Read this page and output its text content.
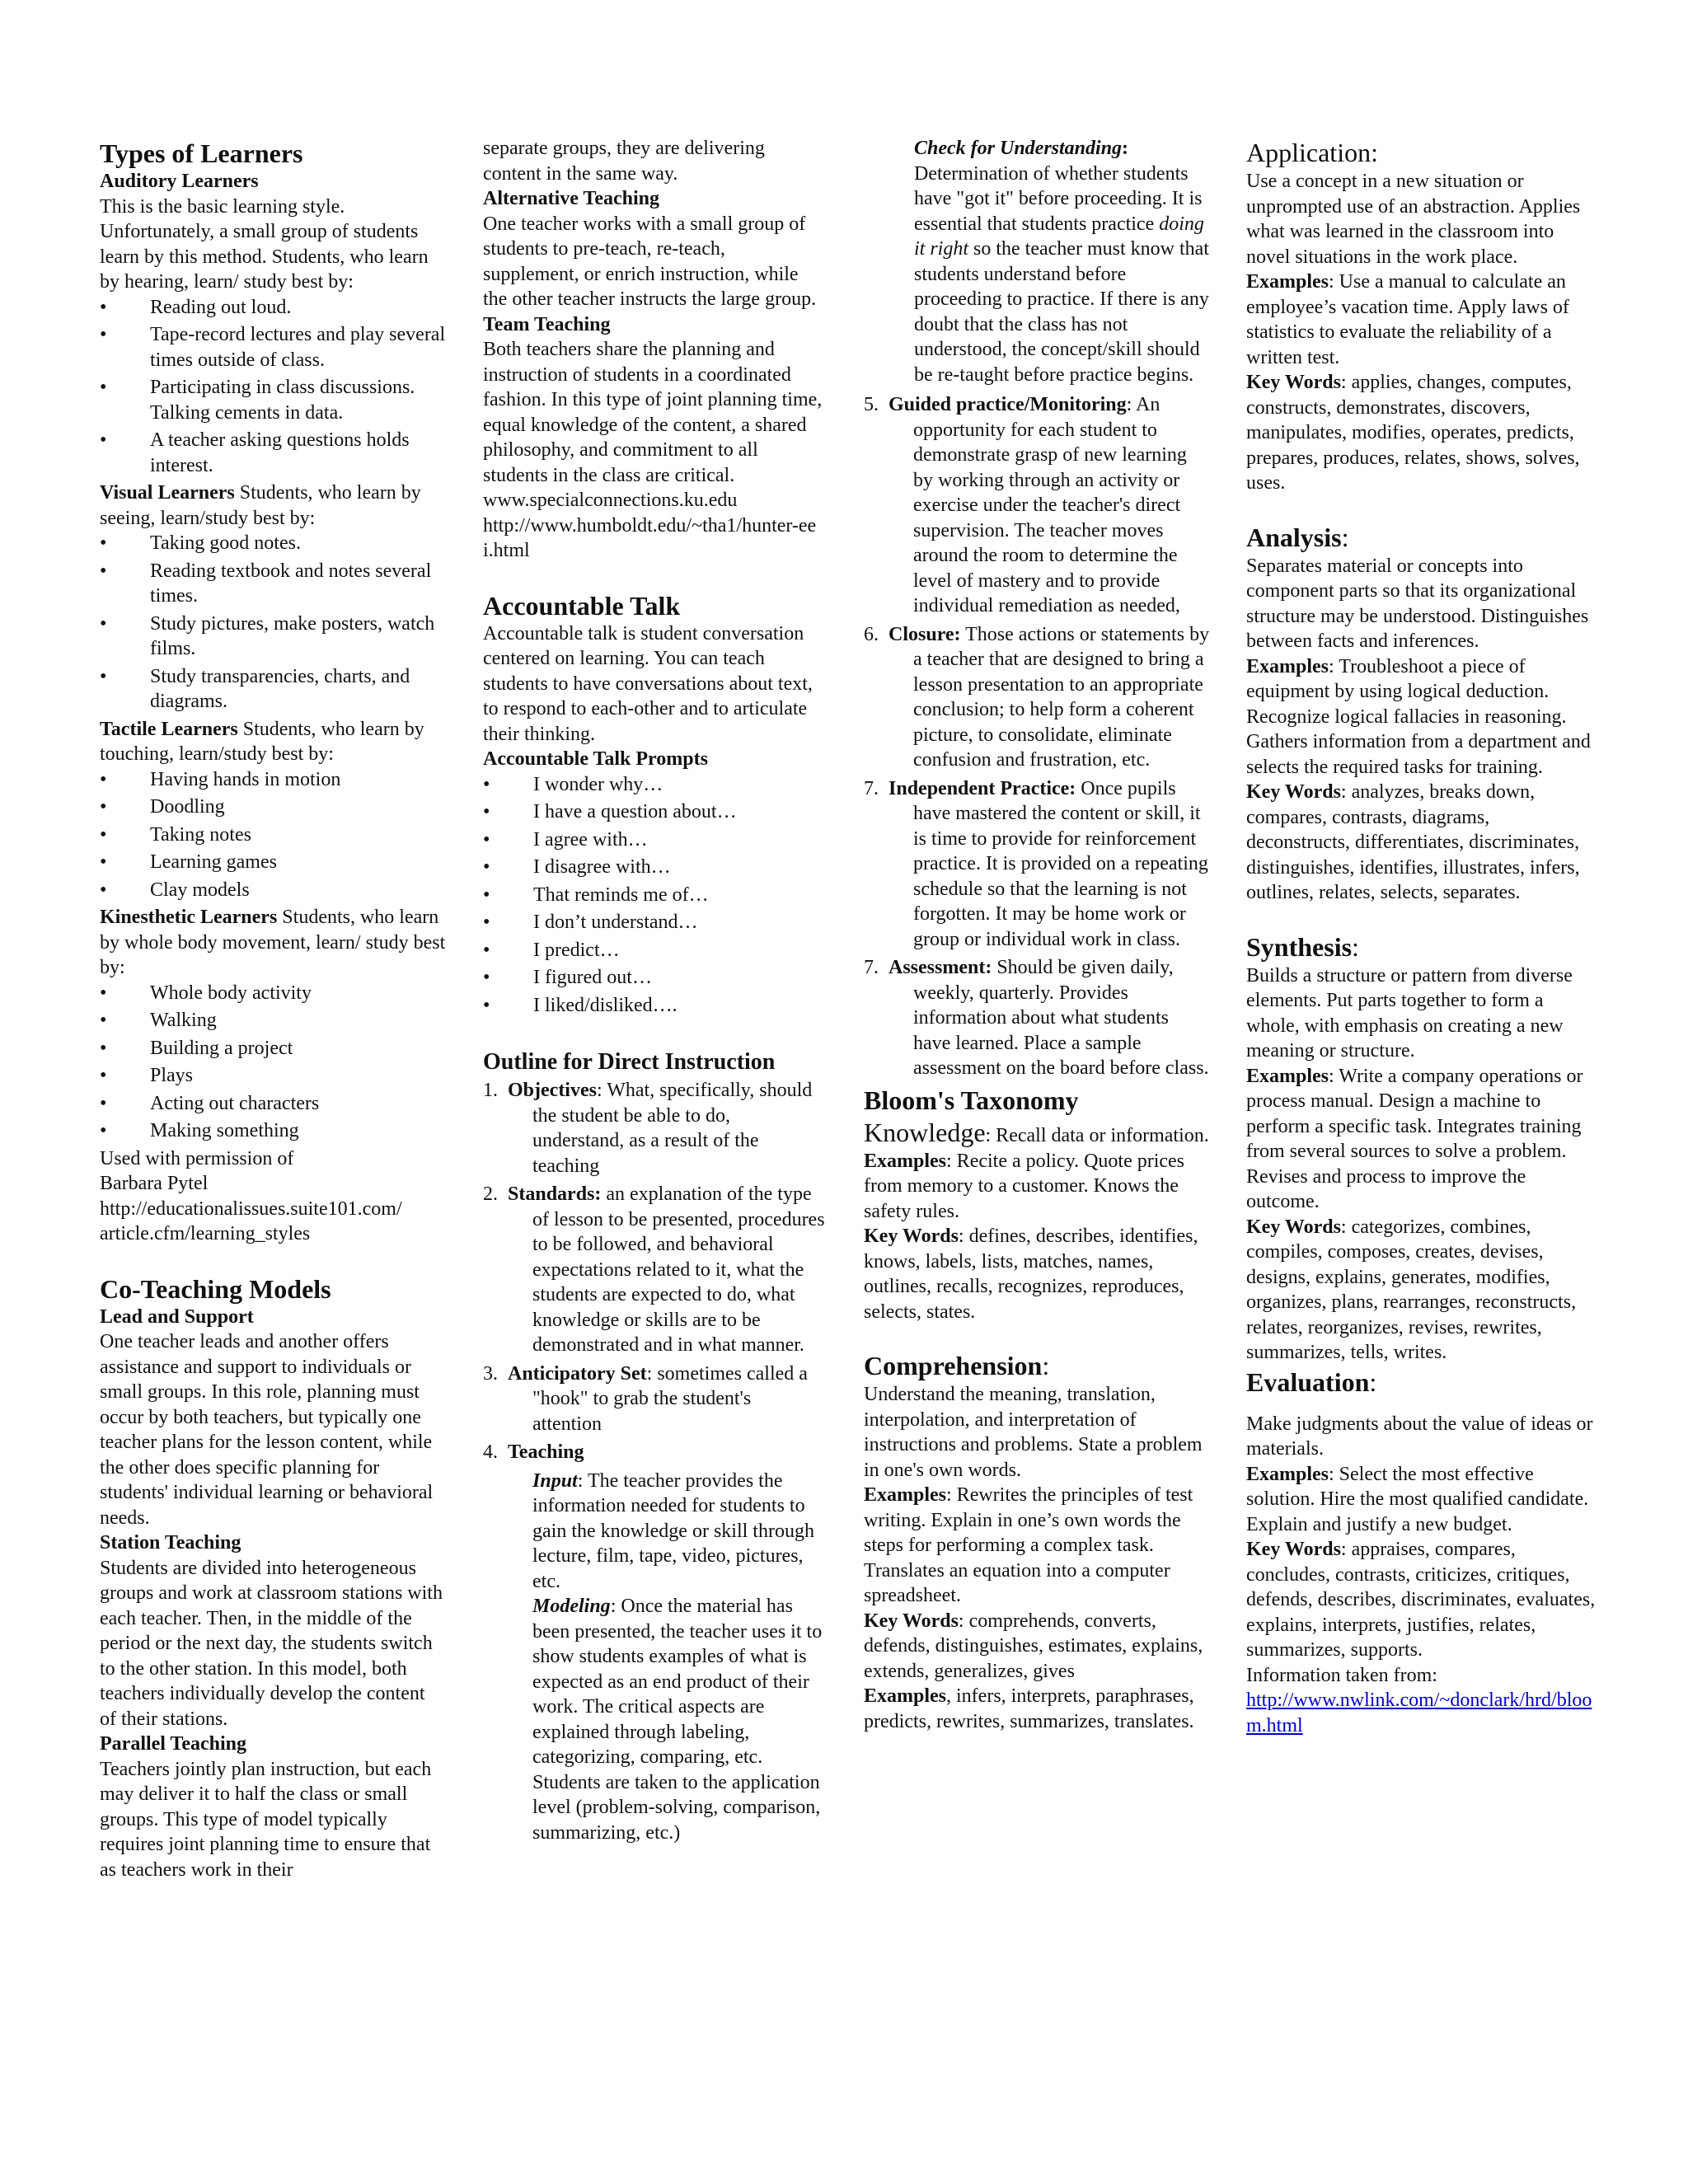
Types of Learners
Auditory Learners

This is the basic learning style. Unfortunately, a small group of students learn by this method. Students, who learn by hearing, learn/ study best by:

• Reading out loud.
• Tape-record lectures and play several times outside of class.
• Participating in class discussions. Talking cements in data.
• A teacher asking questions holds interest.

Visual Learners Students, who learn by seeing, learn/study best by:

• Taking good notes.
• Reading textbook and notes several times.
• Study pictures, make posters, watch films.
• Study transparencies, charts, and diagrams.

Tactile Learners Students, who learn by touching, learn/study best by:

• Having hands in motion
• Doodling
• Taking notes
• Learning games
• Clay models

Kinesthetic Learners Students, who learn by whole body movement, learn/ study best by:

• Whole body activity
• Walking
• Building a project
• Plays
• Acting out characters
• Making something

Used with permission of

Barbara Pytel

http://educationalissues.suite101.com/

article.cfm/learning_styles

Co-Teaching Models
Lead and Support

One teacher leads and another offers assistance and support to individuals or small groups. In this role, planning must occur by both teachers, but typically one teacher plans for the lesson content, while the other does specific planning for students' individual learning or behavioral needs.

Station Teaching

Students are divided into heterogeneous groups and work at classroom stations with each teacher. Then, in the middle of the period or the next day, the students switch to the other station. In this model, both teachers individually develop the content of their stations.

Parallel Teaching

Teachers jointly plan instruction, but each may deliver it to half the class or small groups. This type of model typically requires joint planning time to ensure that as teachers work in their

separate groups, they are delivering content in the same way.

Alternative Teaching

One teacher works with a small group of students to pre-teach, re-teach, supplement, or enrich instruction, while the other teacher instructs the large group.

Team Teaching

Both teachers share the planning and instruction of students in a coordinated fashion. In this type of joint planning time, equal knowledge of the content, a shared philosophy, and commitment to all students in the class are critical.

www.specialconnections.ku.edu

http://www.humboldt.edu/~tha1/hunter-eei.html

Accountable Talk

Accountable talk is student conversation centered on learning. You can teach students to have conversations about text, to respond to each-other and to articulate their thinking.

Accountable Talk Prompts
• I wonder why…
• I have a question about…
• I agree with…
• I disagree with…
• That reminds me of…
• I don’t understand…
• I predict…
• I figured out…
• I liked/disliked….
Outline for Direct Instruction
1. Objectives: What, specifically, should the student be able to do, understand, as a result of the teaching
2. Standards: an explanation of the type of lesson to be presented, procedures to be followed, and behavioral expectations related to it, what the students are expected to do, what knowledge or skills are to be demonstrated and in what manner.
3. Anticipatory Set: sometimes called a "hook" to grab the student's attention
4. Teaching
Input: The teacher provides the information needed for students to gain the knowledge or skill through lecture, film, tape, video, pictures, etc.
Modeling: Once the material has been presented, the teacher uses it to show students examples of what is expected as an end product of their work. The critical aspects are explained through labeling, categorizing, comparing, etc. Students are taken to the application level (problem-solving, comparison, summarizing, etc.)
Check for Understanding:
Determination of whether students have "got it" before proceeding. It is essential that students practice doing it right so the teacher must know that students understand before proceeding to practice. If there is any doubt that the class has not understood, the concept/skill should be re-taught before practice begins.
5. Guided practice/Monitoring: An opportunity for each student to demonstrate grasp of new learning by working through an activity or exercise under the teacher's direct supervision. The teacher moves around the room to determine the level of mastery and to provide individual remediation as needed,
6. Closure: Those actions or statements by a teacher that are designed to bring a lesson presentation to an appropriate conclusion; to help form a coherent picture, to consolidate, eliminate confusion and frustration, etc.
7. Independent Practice: Once pupils have mastered the content or skill, it is time to provide for reinforcement practice. It is provided on a repeating schedule so that the learning is not forgotten. It may be home work or group or individual work in class.
7. Assessment: Should be given daily, weekly, quarterly. Provides information about what students have learned. Place a sample assessment on the board before class.
Bloom's Taxonomy

Knowledge: Recall data or information.

Examples: Recite a policy. Quote prices from memory to a customer. Knows the safety rules.

Key Words: defines, describes, identifies, knows, labels, lists, matches, names, outlines, recalls, recognizes, reproduces, selects, states.

Comprehension:

Understand the meaning, translation, interpolation, and interpretation of instructions and problems. State a problem in one's own words.

Examples: Rewrites the principles of test writing. Explain in one’s own words the steps for performing a complex task. Translates an equation into a computer spreadsheet.

Key Words: comprehends, converts, defends, distinguishes, estimates, explains, extends, generalizes, gives

Examples, infers, interprets, paraphrases, predicts, rewrites, summarizes, translates.

Application:

Use a concept in a new situation or unprompted use of an abstraction. Applies what was learned in the classroom into novel situations in the work place.

Examples: Use a manual to calculate an employee’s vacation time. Apply laws of statistics to evaluate the reliability of a written test.

Key Words: applies, changes, computes, constructs, demonstrates, discovers, manipulates, modifies, operates, predicts, prepares, produces, relates, shows, solves, uses.

Analysis:

Separates material or concepts into component parts so that its organizational structure may be understood. Distinguishes between facts and inferences.

Examples: Troubleshoot a piece of equipment by using logical deduction. Recognize logical fallacies in reasoning. Gathers information from a department and selects the required tasks for training.

Key Words: analyzes, breaks down, compares, contrasts, diagrams, deconstructs, differentiates, discriminates, distinguishes, identifies, illustrates, infers, outlines, relates, selects, separates.

Synthesis:

Builds a structure or pattern from diverse elements. Put parts together to form a whole, with emphasis on creating a new meaning or structure.

Examples: Write a company operations or process manual. Design a machine to perform a specific task. Integrates training from several sources to solve a problem. Revises and process to improve the outcome.

Key Words: categorizes, combines, compiles, composes, creates, devises, designs, explains, generates, modifies, organizes, plans, rearranges, reconstructs, relates, reorganizes, revises, rewrites, summarizes, tells, writes.

Evaluation:

Make judgments about the value of ideas or materials.

Examples: Select the most effective solution. Hire the most qualified candidate. Explain and justify a new budget.

Key Words: appraises, compares, concludes, contrasts, criticizes, critiques, defends, describes, discriminates, evaluates, explains, interprets, justifies, relates, summarizes, supports.

Information taken from:

http://www.nwlink.com/~donclark/hrd/bloom.html
